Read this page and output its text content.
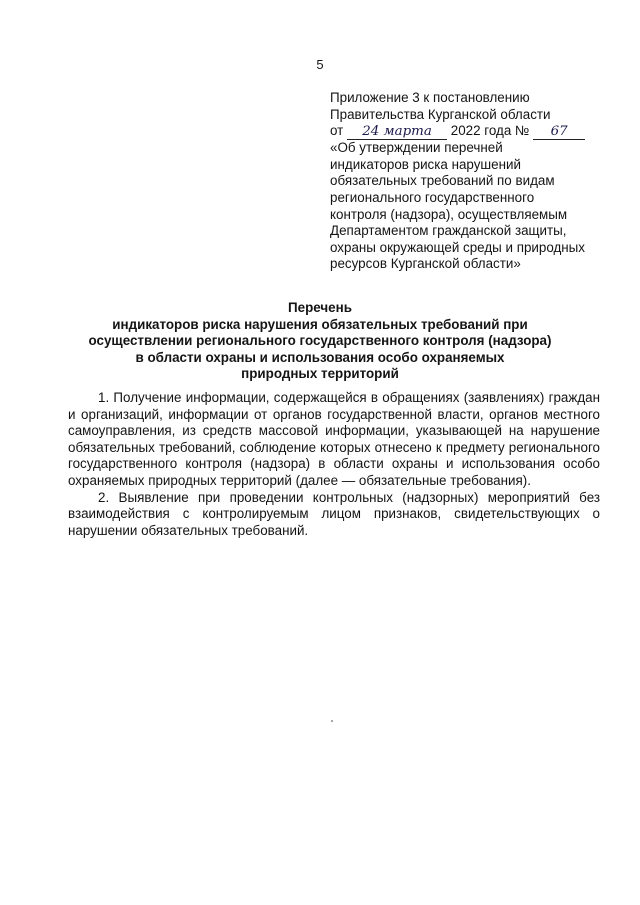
5
Приложение 3 к постановлению
Правительства Курганской области
от 24 марта 2022 года № 67
«Об утверждении перечней
индикаторов риска нарушений
обязательных требований по видам
регионального государственного
контроля (надзора), осуществляемым
Департаментом гражданской защиты,
охраны окружающей среды и природных
ресурсов Курганской области»
Перечень
индикаторов риска нарушения обязательных требований при
осуществлении регионального государственного контроля (надзора)
в области охраны и использования особо охраняемых
природных территорий

1. Получение информации, содержащейся в обращениях (заявлениях) граждан и организаций, информации от органов государственной власти, органов местного самоуправления, из средств массовой информации, указывающей на нарушение обязательных требований, соблюдение которых отнесено к предмету регионального государственного контроля (надзора) в области охраны и использования особо охраняемых природных территорий (далее — обязательные требования).

2. Выявление при проведении контрольных (надзорных) мероприятий без взаимодействия с контролируемым лицом признаков, свидетельствующих о нарушении обязательных требований.
